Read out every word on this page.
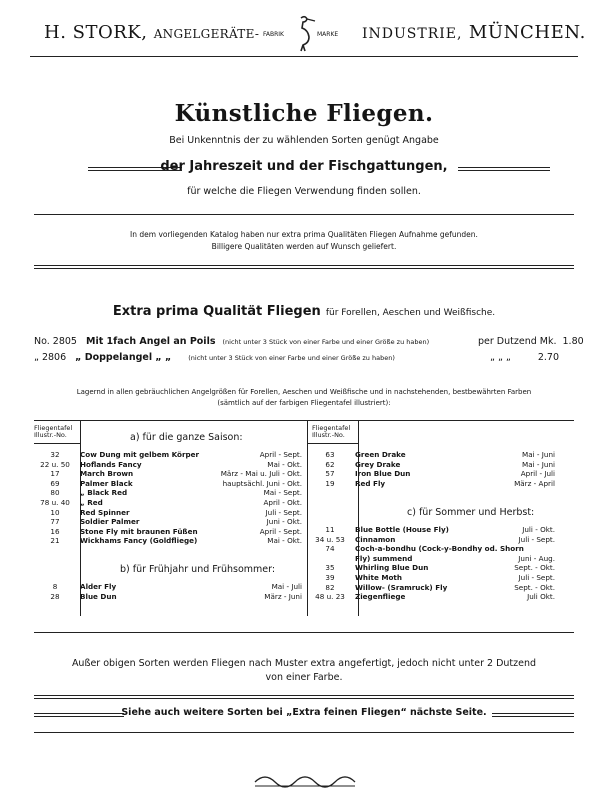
H. STORK, ANGELGERÄTE- FABRIK	MARKE INDUSTRIE, MÜNCHEN.
Künstliche Fliegen.
Bei Unkenntnis der zu wählenden Sorten genügt Angabe
der Jahreszeit und der Fischgattungen,
für welche die Fliegen Verwendung finden sollen.
In dem vorliegenden Katalog haben nur extra prima Qualitäten Fliegen Aufnahme gefunden.
Billigere Qualitäten werden auf Wunsch geliefert.
Extra prima Qualität Fliegen für Forellen, Aeschen und Weißfische.
No. 2805 Mit 1fach Angel an Poils (nicht unter 3 Stück von einer Farbe und einer Größe zu haben)	per Dutzend Mk. 1.80
„ 2806 „ Doppelangel „ „	(nicht unter 3 Stück von einer Farbe und einer Größe zu haben)	„ „ „	2.70
Lagernd in allen gebräuchlichen Angelgrößen für Forellen, Aeschen und Weißfische und in nachstehenden, bestbewährten Farben
(sämtlich auf der farbigen Fliegentafel illustriert):
Fliegentafel Illustr.-No.
Fliegentafel Illustr.-No.
a) für die ganze Saison:
32	Cow Dung mit gelbem Körper	April - Sept.
22 u. 50 Hoflands Fancy	Mai - Okt.
17	March Brown	März - Mai u. Juli - Okt.
69	Palmer Black	hauptsächl. Juni - Okt.
80	„ Black Red	Mai - Sept.
78 u. 40 „ Red	April - Okt.
10	Red Spinner	Juli - Sept.
77	Soldier Palmer	Juni - Okt.
16	Stone Fly mit braunen Füßen	April - Sept.
21	Wickhams Fancy (Goldfliege)	Mai - Okt.
b) für Frühjahr und Frühsommer:
8	Alder Fly	Mai - Juli
28	Blue Dun	März - Juni
63	Green Drake	Mai - Juni
62	Grey Drake	Mai - Juni
57	Iron Blue Dun	April - Juli
19	Red Fly	März - April
c) für Sommer und Herbst:
11	Blue Bottle (House Fly)	Juli - Okt.
34 u. 53 Cinnamon	Juli - Sept.
74	Coch-a-bondhu (Cock-y-Bondhy od. Shorn
Fly) summend	Juni - Aug.
35	Whirling Blue Dun	Sept. - Okt.
39	White Moth	Juli - Sept.
82	Willow- (Sramruck) Fly	Sept. - Okt.
48 u. 23 Ziegenfliege	Juli Okt.
Außer obigen Sorten werden Fliegen nach Muster extra angefertigt, jedoch nicht unter 2 Dutzend
von einer Farbe.
Siehe auch weitere Sorten bei „Extra feinen Fliegen“ nächste Seite.
